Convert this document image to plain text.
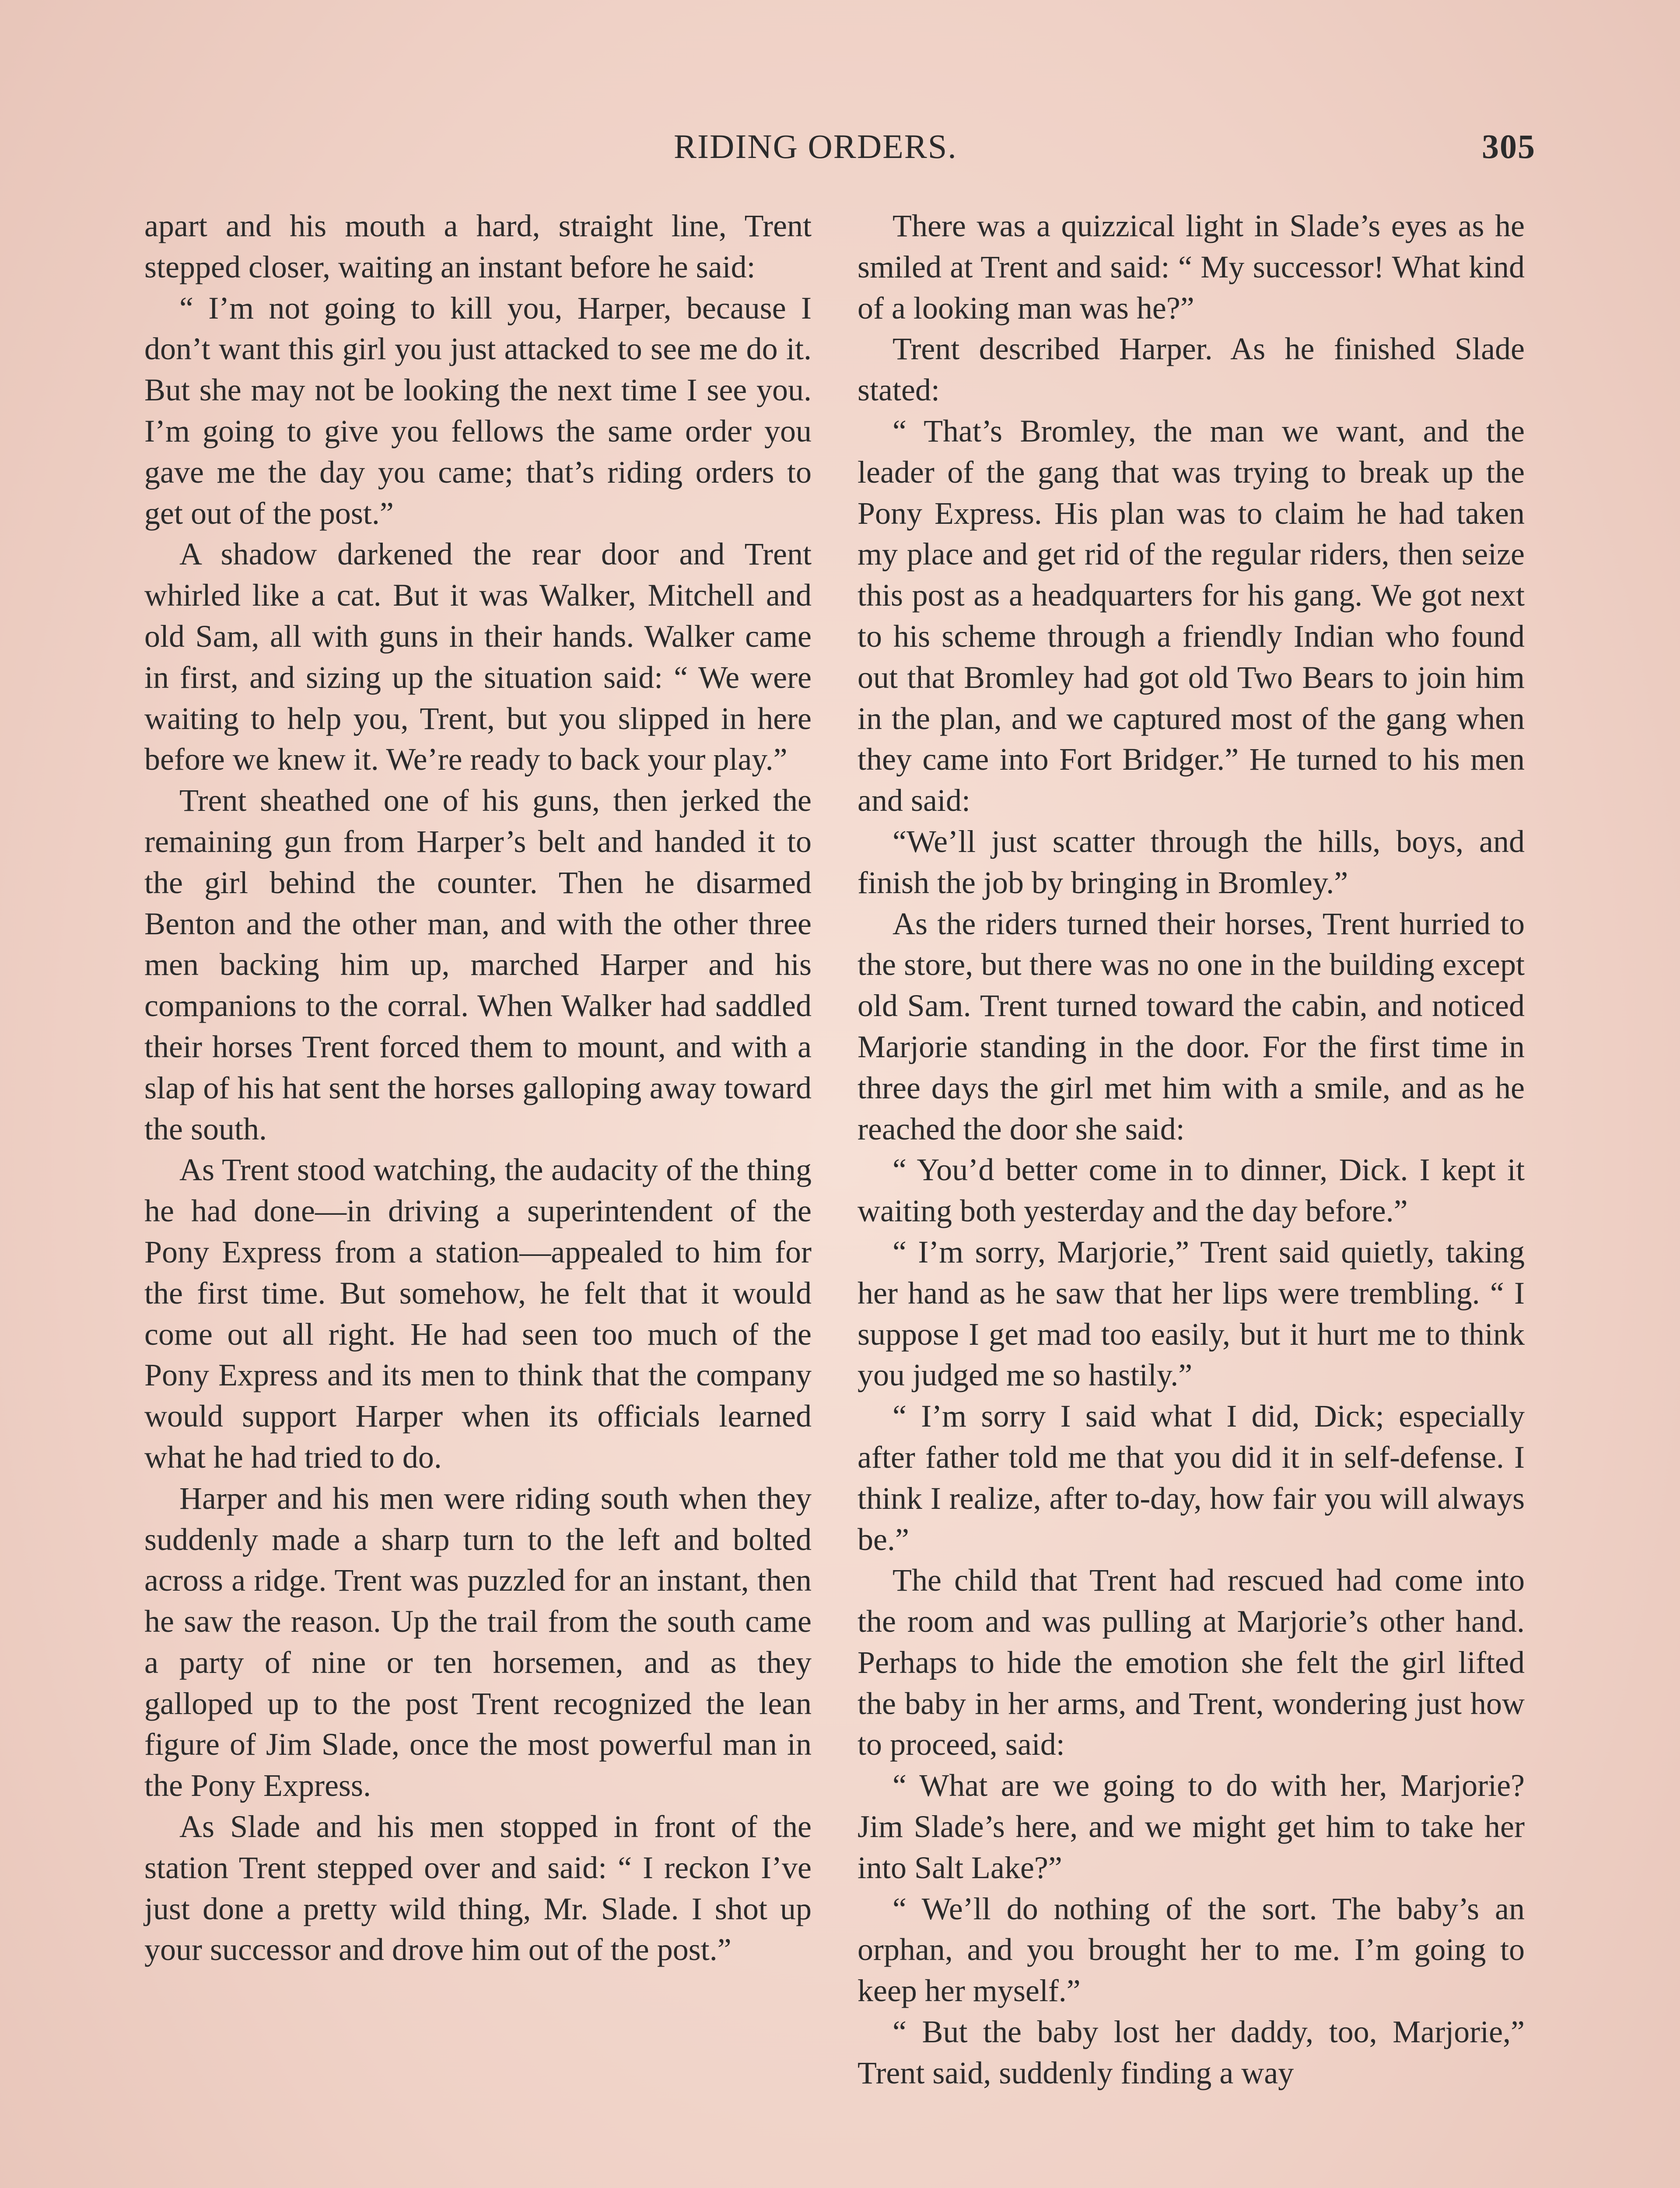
RIDING ORDERS.	305

apart and his mouth a hard, straight line, Trent stepped closer, waiting an instant before he said:

“ I’m not going to kill you, Harper, because I don’t want this girl you just attacked to see me do it. But she may not be looking the next time I see you. I’m going to give you fellows the same order you gave me the day you came; that’s riding orders to get out of the post.”

A shadow darkened the rear door and Trent whirled like a cat. But it was Walker, Mitchell and old Sam, all with guns in their hands. Walker came in first, and sizing up the situation said: “ We were waiting to help you, Trent, but you slipped in here before we knew it. We’re ready to back your play.”

Trent sheathed one of his guns, then jerked the remaining gun from Harper’s belt and handed it to the girl behind the counter. Then he disarmed Benton and the other man, and with the other three men backing him up, marched Harper and his companions to the corral. When Walker had saddled their horses Trent forced them to mount, and with a slap of his hat sent the horses galloping away toward the south.

As Trent stood watching, the audacity of the thing he had done—in driving a superintendent of the Pony Express from a station—appealed to him for the first time. But somehow, he felt that it would come out all right. He had seen too much of the Pony Express and its men to think that the company would support Harper when its officials learned what he had tried to do.

Harper and his men were riding south when they suddenly made a sharp turn to the left and bolted across a ridge. Trent was puzzled for an instant, then he saw the reason. Up the trail from the south came a party of nine or ten horsemen, and as they galloped up to the post Trent recognized the lean figure of Jim Slade, once the most powerful man in the Pony Express.

As Slade and his men stopped in front of the station Trent stepped over and said: “ I reckon I’ve just done a pretty wild thing, Mr. Slade. I shot up your successor and drove him out of the post.”

There was a quizzical light in Slade’s eyes as he smiled at Trent and said: “ My successor! What kind of a looking man was he?”

Trent described Harper. As he finished Slade stated:

“ That’s Bromley, the man we want, and the leader of the gang that was trying to break up the Pony Express. His plan was to claim he had taken my place and get rid of the regular riders, then seize this post as a headquarters for his gang. We got next to his scheme through a friendly Indian who found out that Bromley had got old Two Bears to join him in the plan, and we captured most of the gang when they came into Fort Bridger.” He turned to his men and said:

“We’ll just scatter through the hills, boys, and finish the job by bringing in Bromley.”

As the riders turned their horses, Trent hurried to the store, but there was no one in the building except old Sam. Trent turned toward the cabin, and noticed Marjorie standing in the door. For the first time in three days the girl met him with a smile, and as he reached the door she said:

“ You’d better come in to dinner, Dick. I kept it waiting both yesterday and the day before.”

“ I’m sorry, Marjorie,” Trent said quietly, taking her hand as he saw that her lips were trembling. “ I suppose I get mad too easily, but it hurt me to think you judged me so hastily.”

“ I’m sorry I said what I did, Dick; especially after father told me that you did it in self-defense. I think I realize, after to-day, how fair you will always be.”

The child that Trent had rescued had come into the room and was pulling at Marjorie’s other hand. Perhaps to hide the emotion she felt the girl lifted the baby in her arms, and Trent, wondering just how to proceed, said:

“ What are we going to do with her, Marjorie? Jim Slade’s here, and we might get him to take her into Salt Lake?”

“ We’ll do nothing of the sort. The baby’s an orphan, and you brought her to me. I’m going to keep her myself.”

“ But the baby lost her daddy, too, Marjorie,” Trent said, suddenly finding a way
